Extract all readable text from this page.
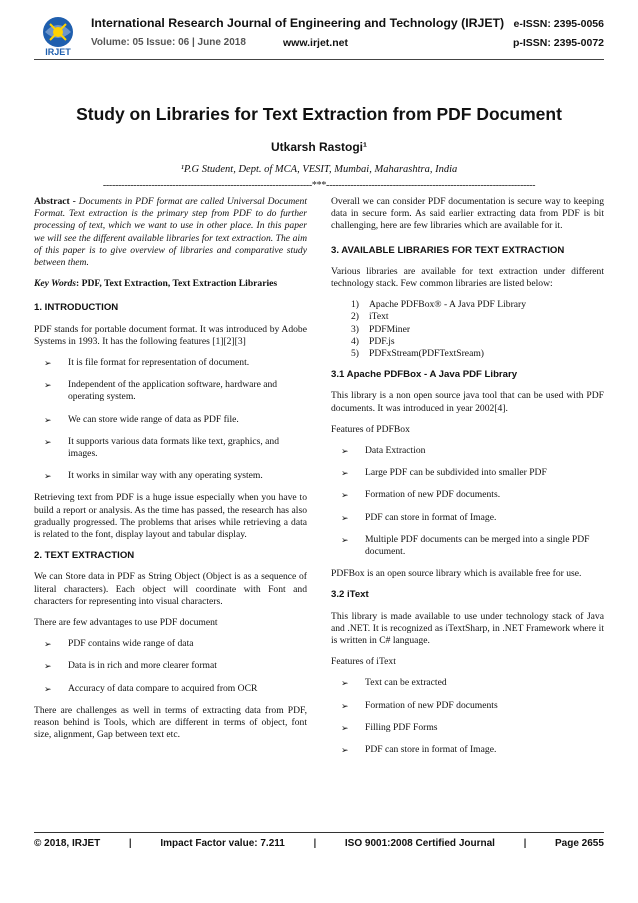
IRJET
International Research Journal of Engineering and Technology (IRJET) e-ISSN: 2395-0056
Volume: 05 Issue: 06 | June 2018	www.irjet.net	p-ISSN: 2395-0072
Study on Libraries for Text Extraction from PDF Document
Utkarsh Rastogi¹
¹P.G Student, Dept. of MCA, VESIT, Mumbai, Maharashtra, India
---------------------------------------------------------------------***---------------------------------------------------------------------

Abstract - Documents in PDF format are called Universal Document Format. Text extraction is the primary step from PDF to do further processing of text, which we want to use in other place. In this paper we will see the different available libraries for text extraction. The aim of this paper is to give overview of libraries and comparative study between them.

Key Words: PDF, Text Extraction, Text Extraction Libraries

1. INTRODUCTION

PDF stands for portable document format. It was introduced by Adobe Systems in 1993. It has the following features [1][2][3]

➢	It is file format for representation of document.
➢	Independent of the application software, hardware and operating system.
➢	We can store wide range of data as PDF file.
➢	It supports various data formats like text, graphics, and images.
➢	It works in similar way with any operating system.

Retrieving text from PDF is a huge issue especially when you have to build a report or analysis. As the time has passed, the research has also gradually progressed. The problems that arises while retrieving a data is related to the font, display layout and tabular display.

2. TEXT EXTRACTION

We can Store data in PDF as String Object (Object is as a sequence of literal characters). Each object will coordinate with Font and characters for representing into visual characters.

There are few advantages to use PDF document

➢	PDF contains wide range of data
➢	Data is in rich and more clearer format
➢	Accuracy of data compare to acquired from OCR

There are challenges as well in terms of extracting data from PDF, reason behind is Tools, which are different in terms of object, font size, alignment, Gap between text etc.

Overall we can consider PDF documentation is secure way to keeping data in secure form. As said earlier extracting data from PDF is bit challenging, here are few libraries which are available for it.

3. AVAILABLE LIBRARIES FOR TEXT EXTRACTION

Various libraries are available for text extraction under different technology stack. Few common libraries are listed below:

1)	Apache PDFBox® - A Java PDF Library
2)	iText
3)	PDFMiner
4)	PDF.js
5)	PDFxStream(PDFTextSream)
3.1 Apache PDFBox - A Java PDF Library

This library is a non open source java tool that can be used with PDF documents. It was introduced in year 2002[4].

Features of PDFBox

➢	Data Extraction
➢	Large PDF can be subdivided into smaller PDF
➢	Formation of new PDF documents.
➢	PDF can store in format of Image.
➢	Multiple PDF documents can be merged into a single PDF document.

PDFBox is an open source library which is available free for use.

3.2 iText

This library is made available to use under technology stack of Java and .NET. It is recognized as iTextSharp, in .NET Framework where it is written in C# language.

Features of iText

➢	Text can be extracted
➢	Formation of new PDF documents
➢	Filling PDF Forms
➢	PDF can store in format of Image.
© 2018, IRJET	|	Impact Factor value: 7.211	|	ISO 9001:2008 Certified Journal	|	Page 2655
